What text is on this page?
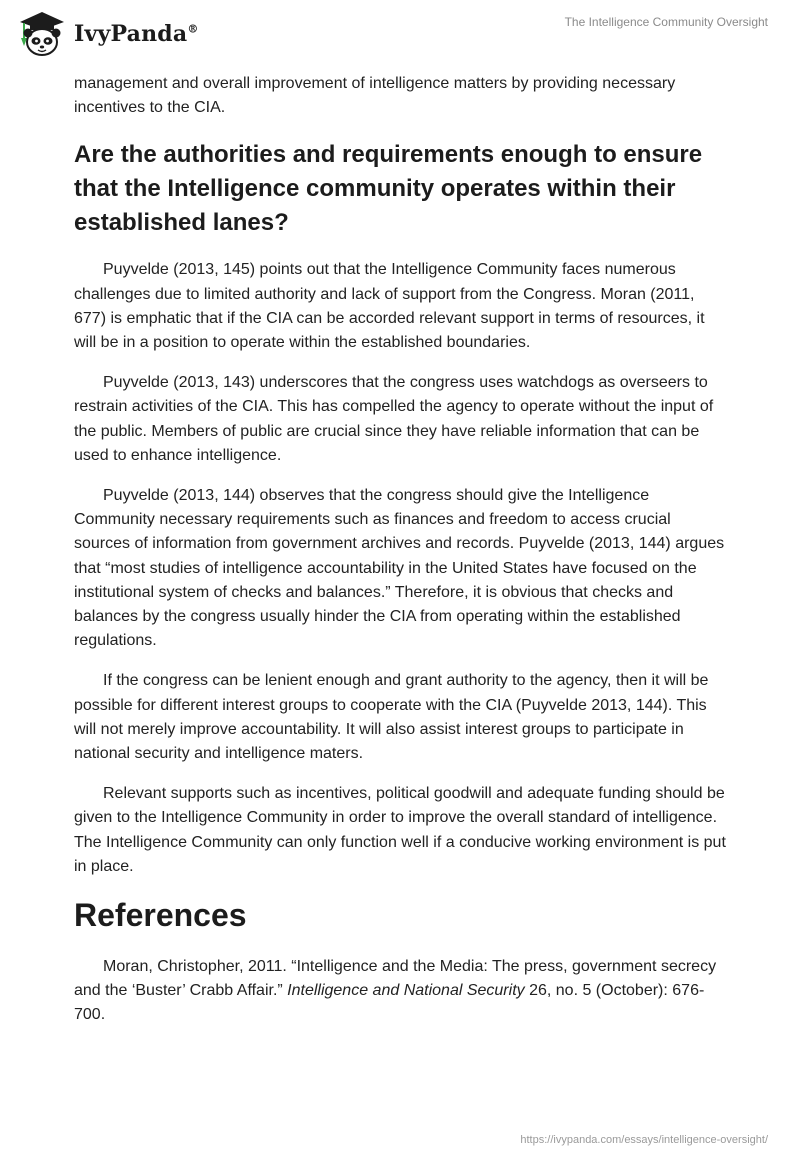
IvyPanda®
The Intelligence Community Oversight

management and overall improvement of intelligence matters by providing necessary incentives to the CIA.

Are the authorities and requirements enough to ensure that the Intelligence community operates within their established lanes?

Puyvelde (2013, 145) points out that the Intelligence Community faces numerous challenges due to limited authority and lack of support from the Congress. Moran (2011, 677) is emphatic that if the CIA can be accorded relevant support in terms of resources, it will be in a position to operate within the established boundaries.

Puyvelde (2013, 143) underscores that the congress uses watchdogs as overseers to restrain activities of the CIA. This has compelled the agency to operate without the input of the public. Members of public are crucial since they have reliable information that can be used to enhance intelligence.

Puyvelde (2013, 144) observes that the congress should give the Intelligence Community necessary requirements such as finances and freedom to access crucial sources of information from government archives and records. Puyvelde (2013, 144) argues that “most studies of intelligence accountability in the United States have focused on the institutional system of checks and balances.” Therefore, it is obvious that checks and balances by the congress usually hinder the CIA from operating within the established regulations.

If the congress can be lenient enough and grant authority to the agency, then it will be possible for different interest groups to cooperate with the CIA (Puyvelde 2013, 144). This will not merely improve accountability. It will also assist interest groups to participate in national security and intelligence maters.

Relevant supports such as incentives, political goodwill and adequate funding should be given to the Intelligence Community in order to improve the overall standard of intelligence. The Intelligence Community can only function well if a conducive working environment is put in place.

References

Moran, Christopher, 2011. “Intelligence and the Media: The press, government secrecy and the ‘Buster’ Crabb Affair.” Intelligence and National Security 26, no. 5 (October): 676-700.

https://ivypanda.com/essays/intelligence-oversight/
